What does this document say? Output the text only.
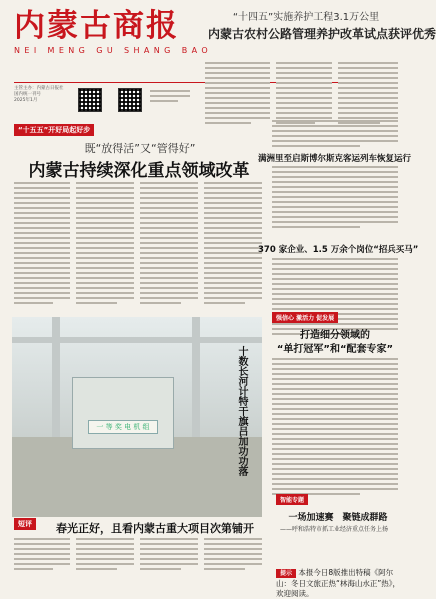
内蒙古商报
NEI MENG GU SHANG BAO
“十四五”实施养护工程3.1万公里
内蒙古农村公路管理养护改革试点获评优秀
主管主办：内蒙古日报社
国内统一刊号
2025年1月
“十五五”开好局起好步
既“放得活”又“管得好”
内蒙古持续深化重点领域改革
满洲里至启斯博尔斯克客运列车恢复运行
370 家企业、1.5 万余个岗位“招兵买马”
强信心 激活力 促发展
打造细分领域的
“单打冠军”和“配套专家”
一 等 奖 电 机 组	十数长河计特干旗吕加功功落
短评	春光正好，且看内蒙古重大项目次第铺开
智能专题
一场加速赛　聚链成群路
——呼和浩特市抓工业经济重点任务上扬
提示 本报今日8版推出特稿《阿尔山：冬日文旅正热“林海山水正”热》，欢迎阅读。
